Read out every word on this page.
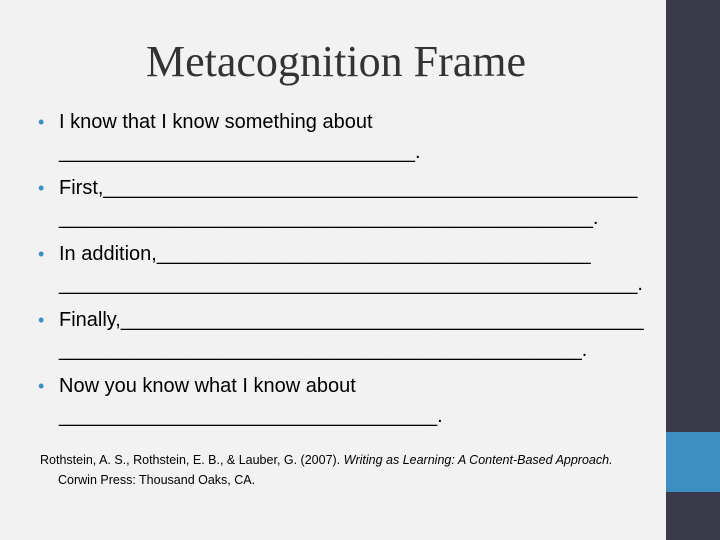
Metacognition Frame
• I know that I know something about
________________________________.
• First,________________________________________________
________________________________________________.
• In addition,_______________________________________
____________________________________________________.
• Finally,_______________________________________________
_______________________________________________.
• Now you know what I know about
__________________________________.
Rothstein, A. S., Rothstein, E. B., & Lauber, G. (2007). Writing as Learning: A Content-Based Approach.
Corwin Press: Thousand Oaks, CA.
